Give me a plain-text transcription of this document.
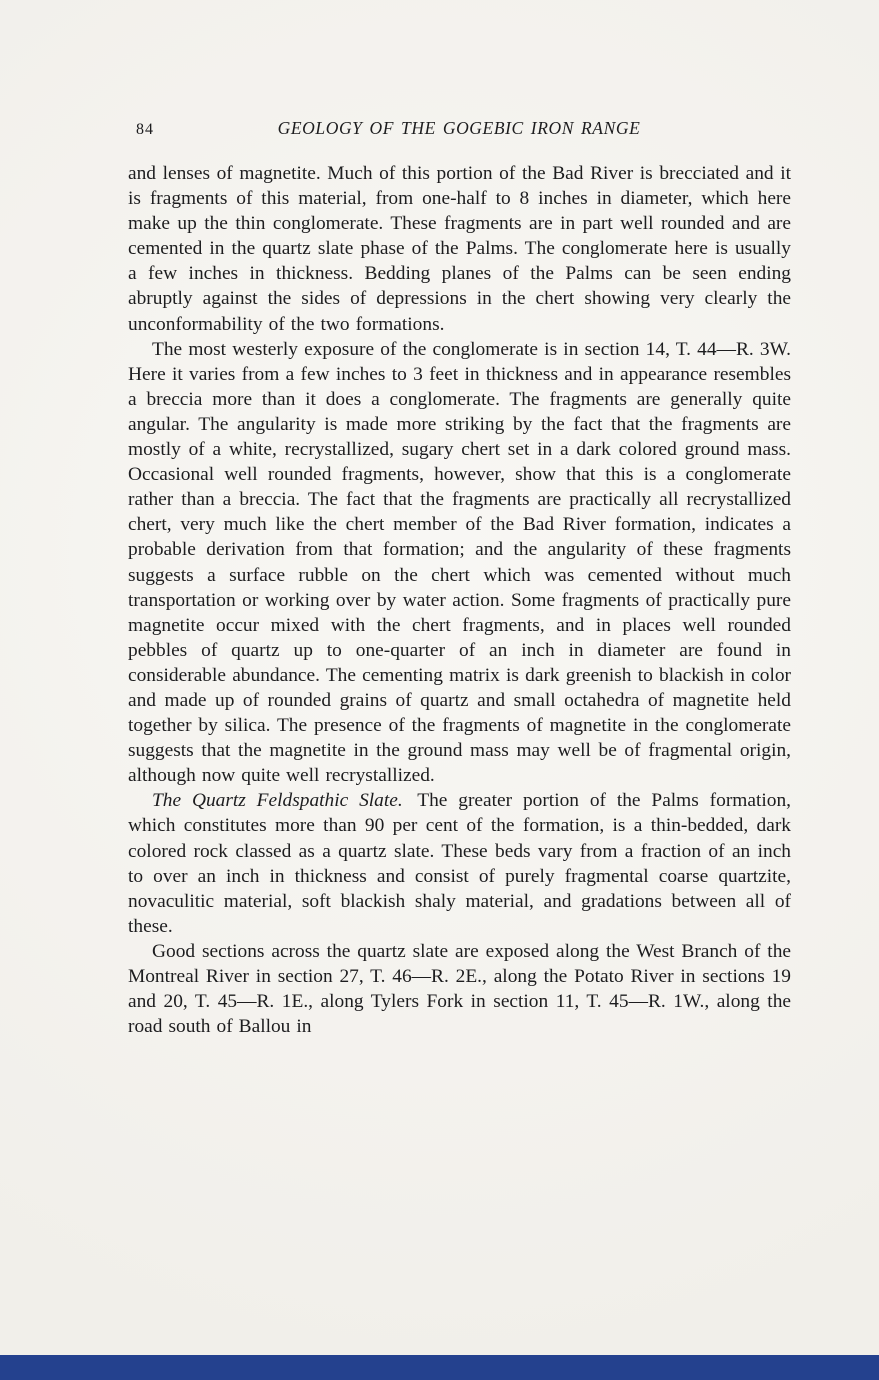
84	GEOLOGY OF THE GOGEBIC IRON RANGE

and lenses of magnetite. Much of this portion of the Bad River is brecciated and it is fragments of this material, from one-half to 8 inches in diameter, which here make up the thin conglomerate. These fragments are in part well rounded and are cemented in the quartz slate phase of the Palms. The conglomerate here is usually a few inches in thickness. Bedding planes of the Palms can be seen ending abruptly against the sides of depressions in the chert showing very clearly the unconformability of the two formations.

The most westerly exposure of the conglomerate is in section 14, T. 44—R. 3W. Here it varies from a few inches to 3 feet in thickness and in appearance resembles a breccia more than it does a conglomerate. The fragments are generally quite angular. The angularity is made more striking by the fact that the fragments are mostly of a white, recrystallized, sugary chert set in a dark colored ground mass. Occasional well rounded fragments, however, show that this is a conglomerate rather than a breccia. The fact that the fragments are practically all recrystallized chert, very much like the chert member of the Bad River formation, indicates a probable derivation from that formation; and the angularity of these fragments suggests a surface rubble on the chert which was cemented without much transportation or working over by water action. Some fragments of practically pure magnetite occur mixed with the chert fragments, and in places well rounded pebbles of quartz up to one-quarter of an inch in diameter are found in considerable abundance. The cementing matrix is dark greenish to blackish in color and made up of rounded grains of quartz and small octahedra of magnetite held together by silica. The presence of the fragments of magnetite in the conglomerate suggests that the magnetite in the ground mass may well be of fragmental origin, although now quite well recrystallized.

The Quartz Feldspathic Slate. The greater portion of the Palms formation, which constitutes more than 90 per cent of the formation, is a thin-bedded, dark colored rock classed as a quartz slate. These beds vary from a fraction of an inch to over an inch in thickness and consist of purely fragmental coarse quartzite, novaculitic material, soft blackish shaly material, and gradations between all of these.

Good sections across the quartz slate are exposed along the West Branch of the Montreal River in section 27, T. 46—R. 2E., along the Potato River in sections 19 and 20, T. 45—R. 1E., along Tylers Fork in section 11, T. 45—R. 1W., along the road south of Ballou in
